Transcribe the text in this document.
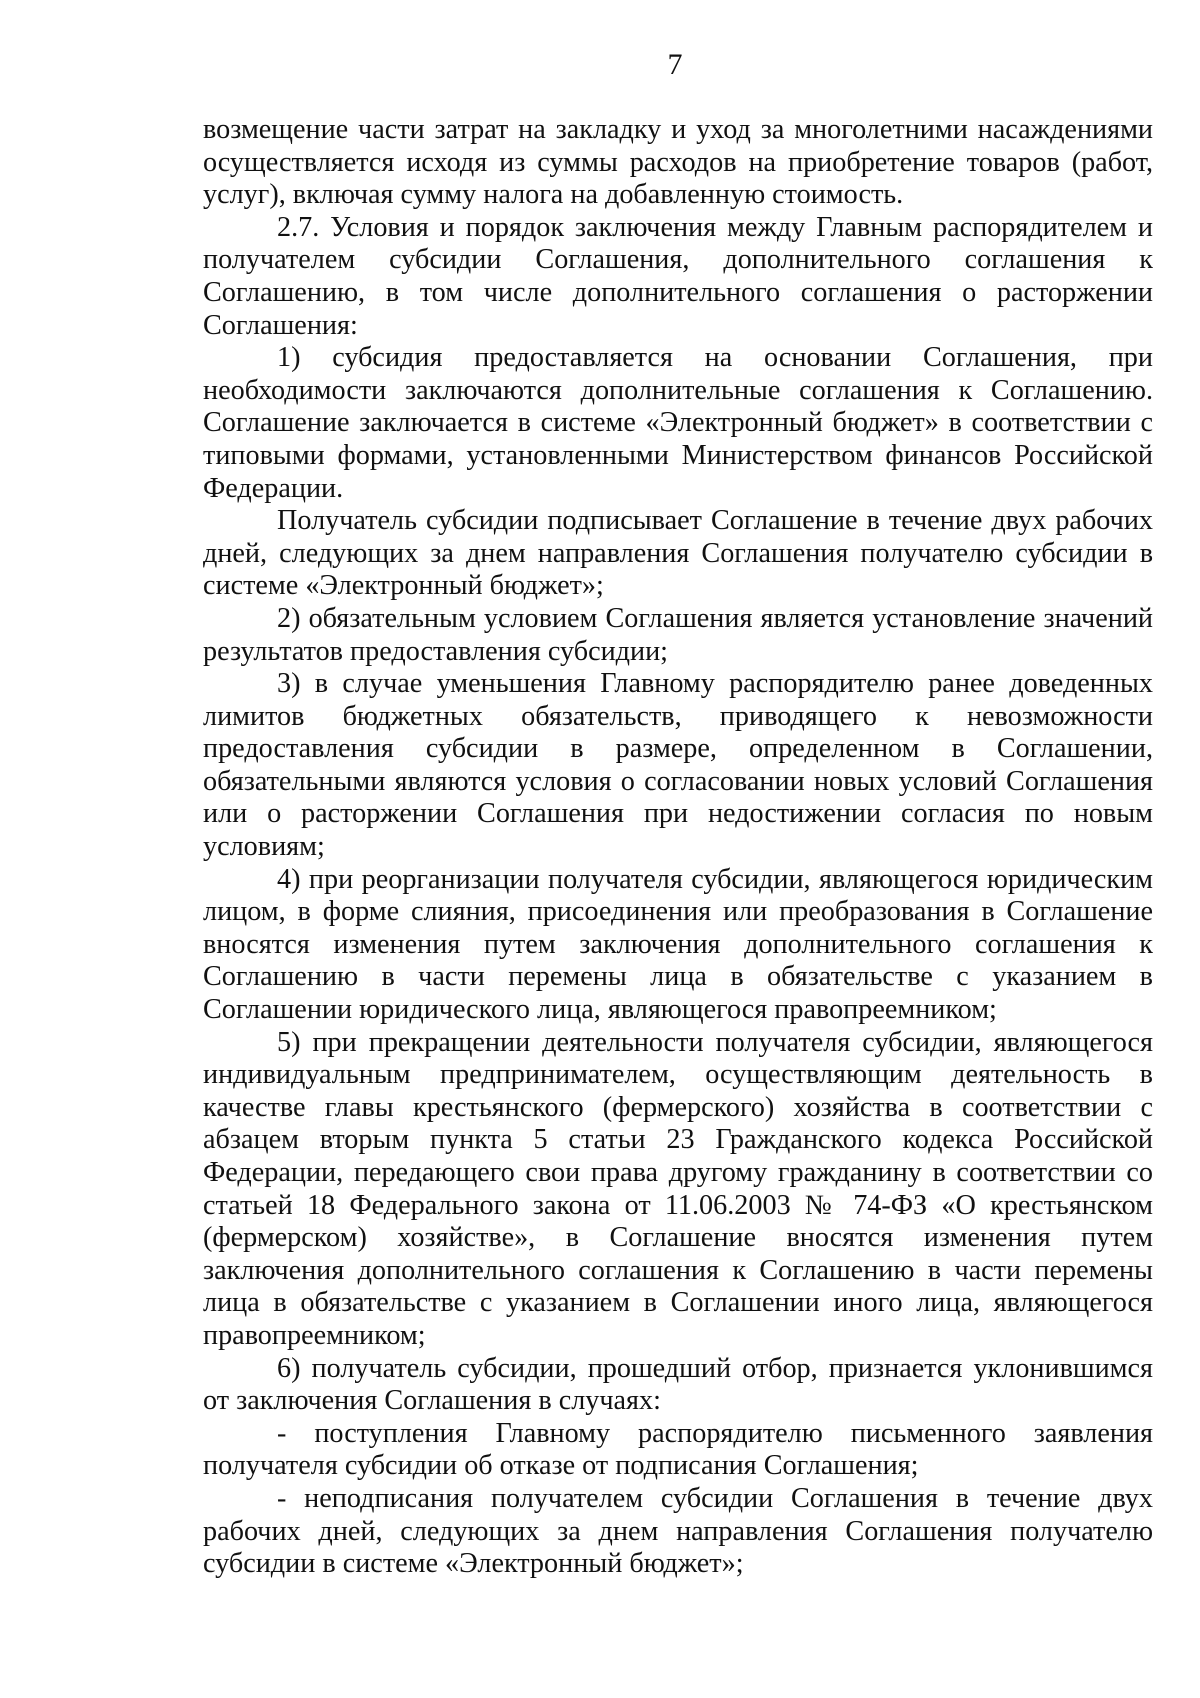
7

возмещение части затрат на закладку и уход за многолетними насаждениями осуществляется исходя из суммы расходов на приобретение товаров (работ, услуг), включая сумму налога на добавленную стоимость.

2.7. Условия и порядок заключения между Главным распорядителем и получателем субсидии Соглашения, дополнительного соглашения к Соглашению, в том числе дополнительного соглашения о расторжении Соглашения:

1) субсидия предоставляется на основании Соглашения, при необходимости заключаются дополнительные соглашения к Соглашению. Соглашение заключается в системе «Электронный бюджет» в соответствии с типовыми формами, установленными Министерством финансов Российской Федерации.

Получатель субсидии подписывает Соглашение в течение двух рабочих дней, следующих за днем направления Соглашения получателю субсидии в системе «Электронный бюджет»;

2) обязательным условием Соглашения является установление значений результатов предоставления субсидии;

3) в случае уменьшения Главному распорядителю ранее доведенных лимитов бюджетных обязательств, приводящего к невозможности предоставления субсидии в размере, определенном в Соглашении, обязательными являются условия о согласовании новых условий Соглашения или о расторжении Соглашения при недостижении согласия по новым условиям;

4) при реорганизации получателя субсидии, являющегося юридическим лицом, в форме слияния, присоединения или преобразования в Соглашение вносятся изменения путем заключения дополнительного соглашения к Соглашению в части перемены лица в обязательстве с указанием в Соглашении юридического лица, являющегося правопреемником;

5) при прекращении деятельности получателя субсидии, являющегося индивидуальным предпринимателем, осуществляющим деятельность в качестве главы крестьянского (фермерского) хозяйства в соответствии с абзацем вторым пункта 5 статьи 23 Гражданского кодекса Российской Федерации, передающего свои права другому гражданину в соответствии со статьей 18 Федерального закона от 11.06.2003 № 74-ФЗ «О крестьянском (фермерском) хозяйстве», в Соглашение вносятся изменения путем заключения дополнительного соглашения к Соглашению в части перемены лица в обязательстве с указанием в Соглашении иного лица, являющегося правопреемником;

6) получатель субсидии, прошедший отбор, признается уклонившимся от заключения Соглашения в случаях:

- поступления Главному распорядителю письменного заявления получателя субсидии об отказе от подписания Соглашения;

- неподписания получателем субсидии Соглашения в течение двух рабочих дней, следующих за днем направления Соглашения получателю субсидии в системе «Электронный бюджет»;
